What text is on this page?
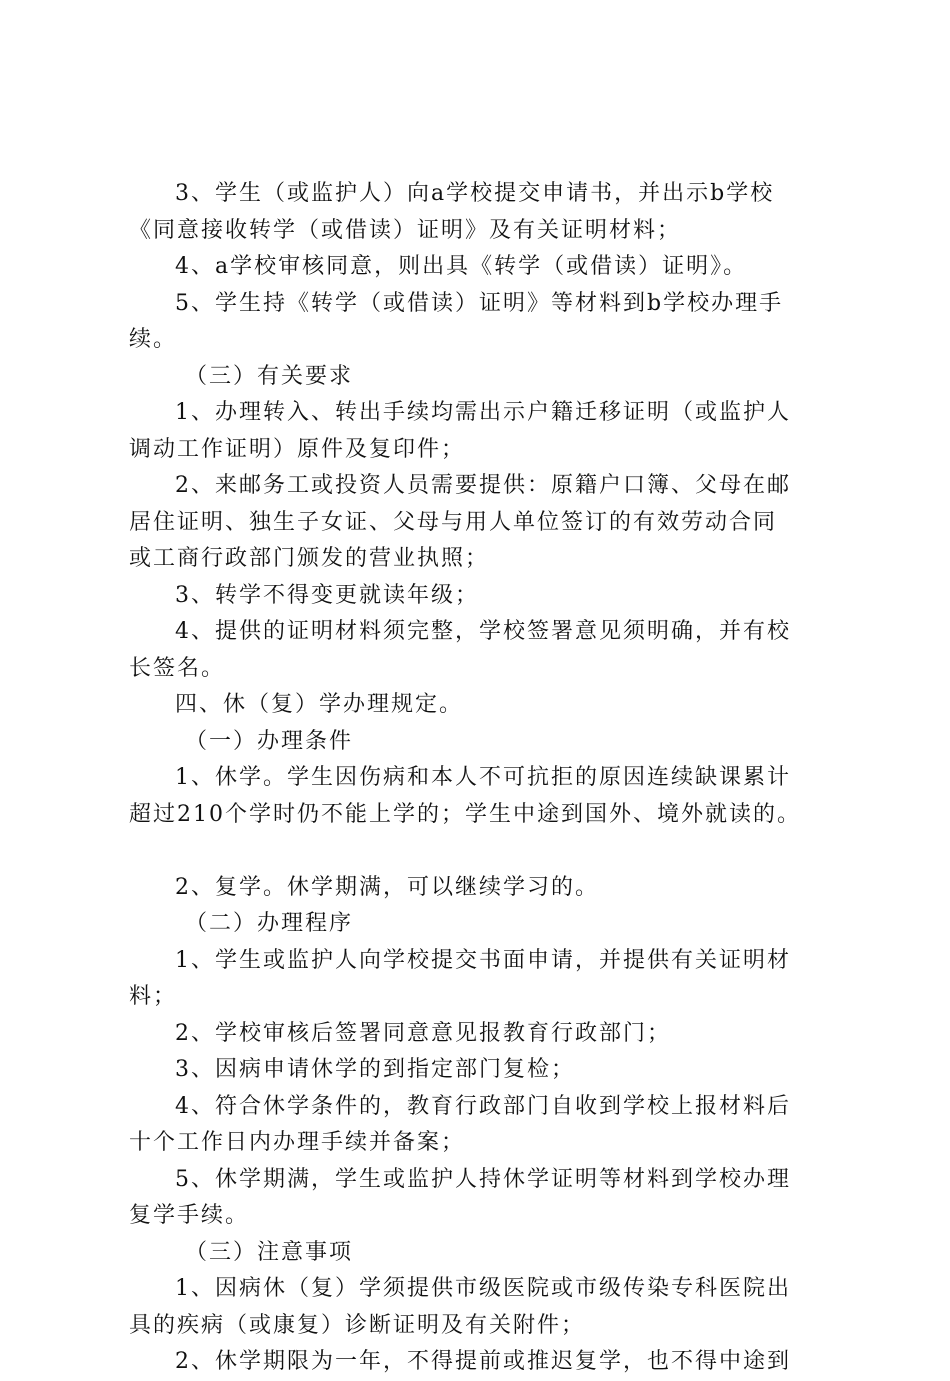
3、学生（或监护人）向a学校提交申请书，并出示b学校
《同意接收转学（或借读）证明》及有关证明材料；
4、a学校审核同意，则出具《转学（或借读）证明》。
5、学生持《转学（或借读）证明》等材料到b学校办理手
续。
（三）有关要求
1、办理转入、转出手续均需出示户籍迁移证明（或监护人
调动工作证明）原件及复印件；
2、来邮务工或投资人员需要提供：原籍户口簿、父母在邮
居住证明、独生子女证、父母与用人单位签订的有效劳动合同
或工商行政部门颁发的营业执照；
3、转学不得变更就读年级；
4、提供的证明材料须完整，学校签署意见须明确，并有校
长签名。
四、休（复）学办理规定。
（一）办理条件
1、休学。学生因伤病和本人不可抗拒的原因连续缺课累计
超过210个学时仍不能上学的；学生中途到国外、境外就读的。
2、复学。休学期满，可以继续学习的。
（二）办理程序
1、学生或监护人向学校提交书面申请，并提供有关证明材
料；
2、学校审核后签署同意意见报教育行政部门；
3、因病申请休学的到指定部门复检；
4、符合休学条件的，教育行政部门自收到学校上报材料后
十个工作日内办理手续并备案；
5、休学期满，学生或监护人持休学证明等材料到学校办理
复学手续。
（三）注意事项
1、因病休（复）学须提供市级医院或市级传染专科医院出
具的疾病（或康复）诊断证明及有关附件；
2、休学期限为一年，不得提前或推迟复学，也不得中途到
